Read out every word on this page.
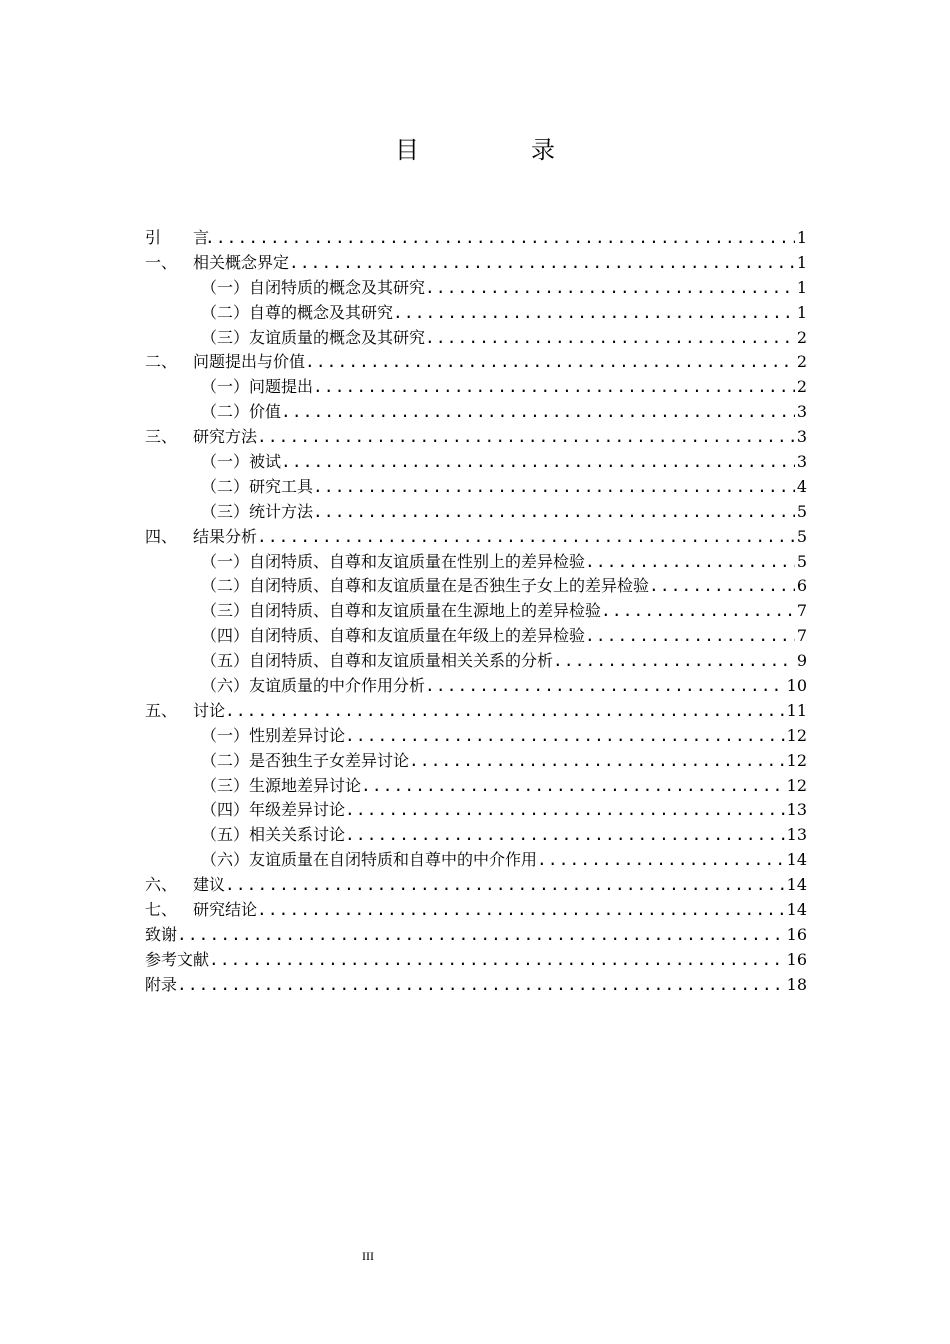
目　录
引　　言 .....	1
一、 相关概念界定 .....	1
（一） 自闭特质的概念及其研究 .....	1
（二） 自尊的概念及其研究 .....	1
（三） 友谊质量的概念及其研究 .....	2
二、 问题提出与价值 .....	2
（一） 问题提出 .....	2
（二） 价值 .....	3
三、 研究方法 .....	3
（一） 被试 .....	3
（二） 研究工具 .....	4
（三） 统计方法 .....	5
四、 结果分析 .....	5
（一） 自闭特质、自尊和友谊质量在性别上的差异检验 .....	5
（二） 自闭特质、自尊和友谊质量在是否独生子女上的差异检验 .....	6
（三） 自闭特质、自尊和友谊质量在生源地上的差异检验 .....	7
（四） 自闭特质、自尊和友谊质量在年级上的差异检验 .....	7
（五） 自闭特质、自尊和友谊质量相关关系的分析 .....	9
（六） 友谊质量的中介作用分析 .....	10
五、 讨论 .....	11
（一） 性别差异讨论 .....	12
（二） 是否独生子女差异讨论 .....	12
（三） 生源地差异讨论 .....	12
（四） 年级差异讨论 .....	13
（五） 相关关系讨论 .....	13
（六） 友谊质量在自闭特质和自尊中的中介作用 .....	14
六、 建议 .....	14
七、 研究结论 .....	14
致谢 .....	16
参考文献 .....	16
附录 .....	18
III
